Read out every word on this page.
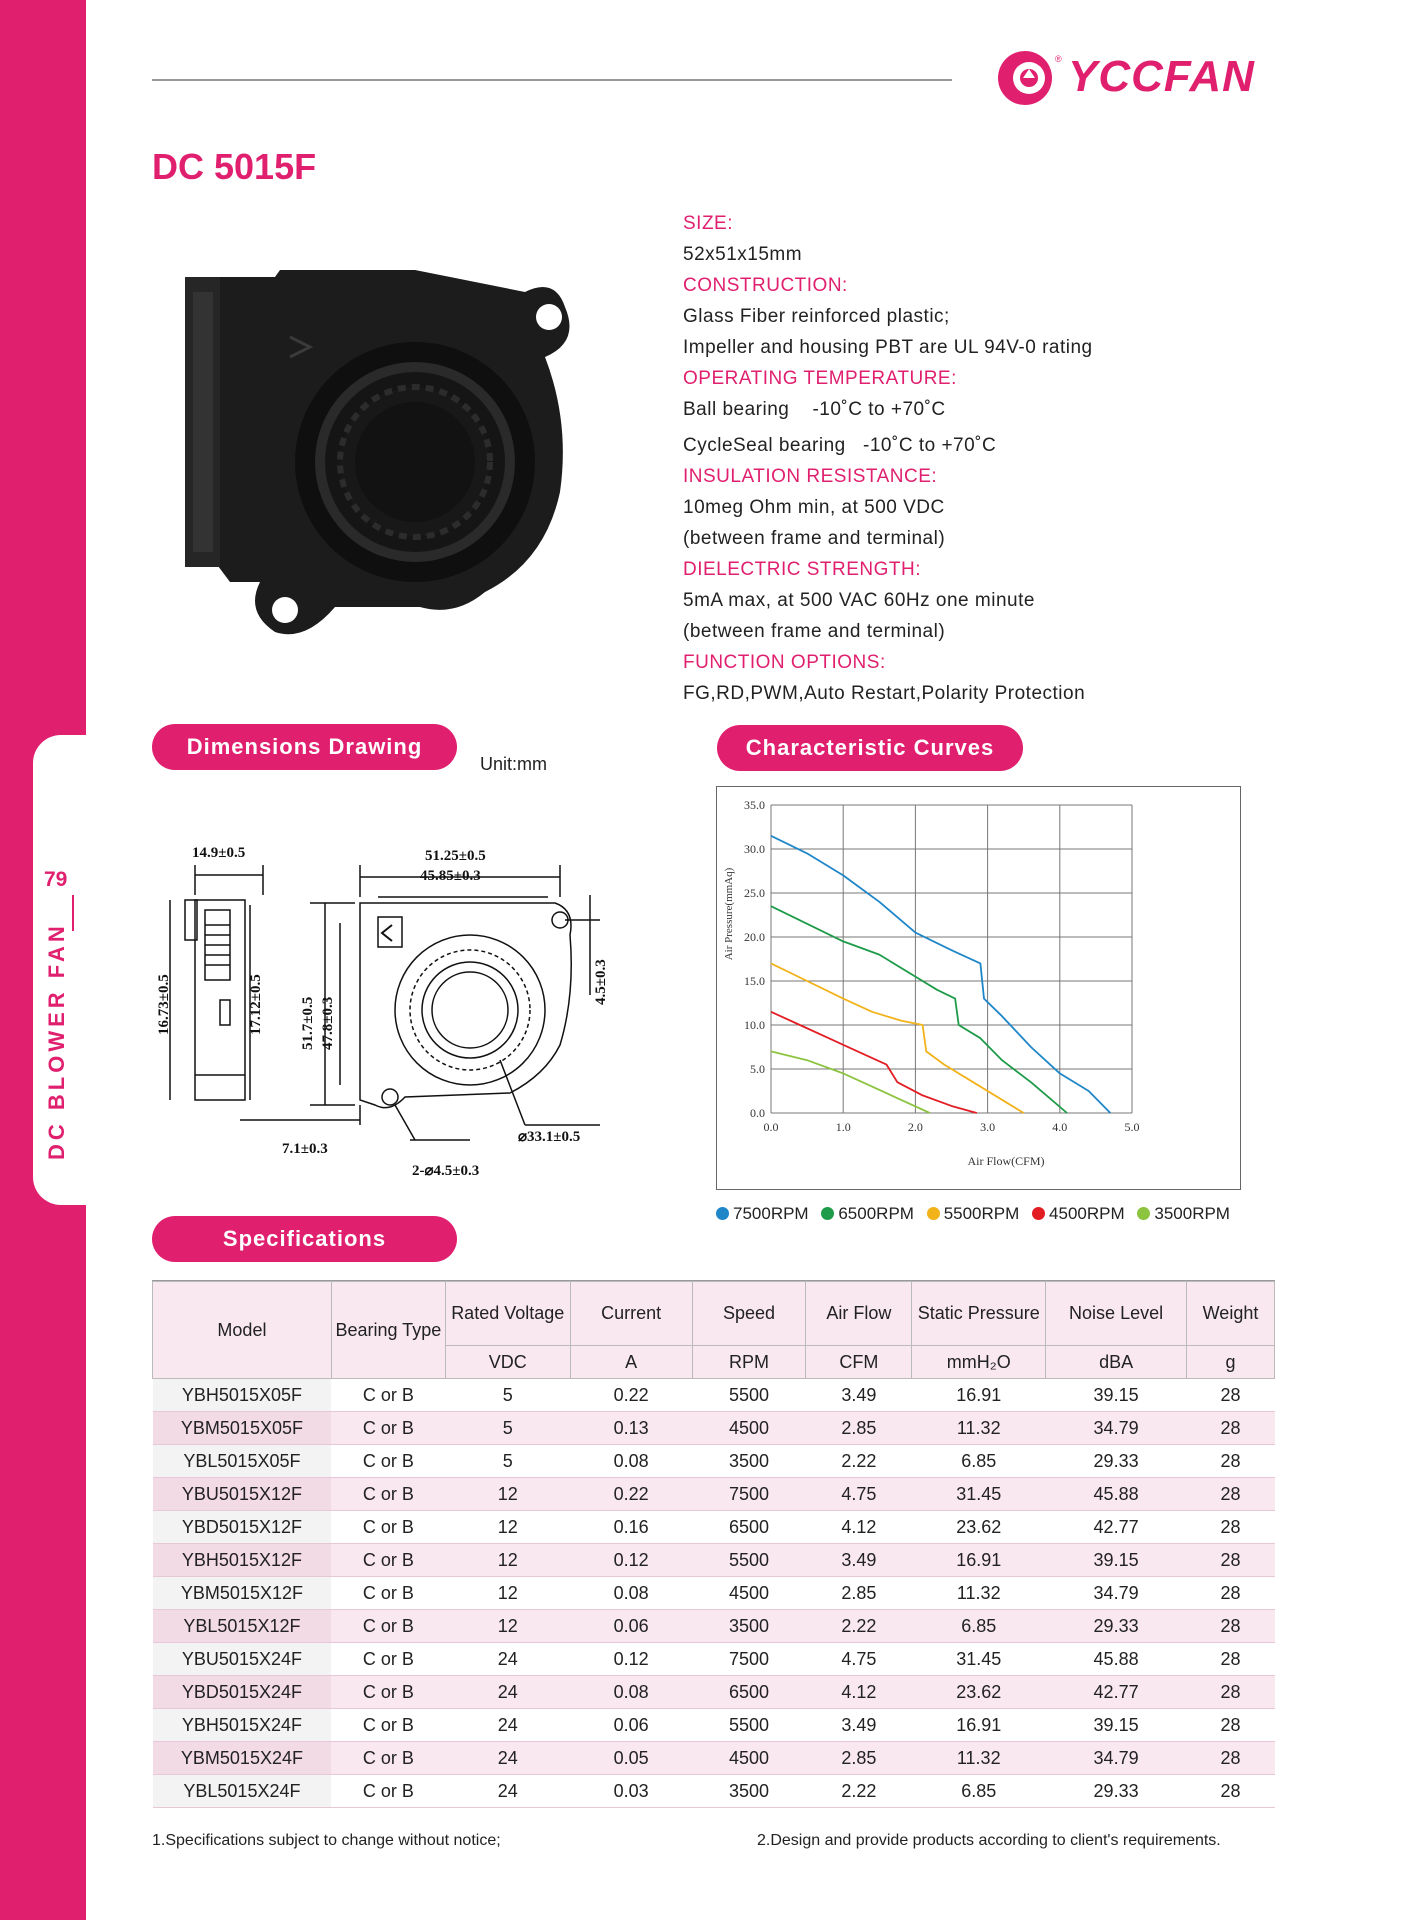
79
DC BLOWER FAN
® YCCFAN
DC 5015F
SIZE:
52x51x15mm
CONSTRUCTION:
Glass Fiber reinforced plastic;
Impeller and housing PBT are UL 94V-0 rating
OPERATING TEMPERATURE:
Ball bearing    -10˚C to +70˚C
CycleSeal bearing   -10˚C to +70˚C
INSULATION RESISTANCE:
10meg Ohm min, at 500 VDC
(between frame and terminal)
DIELECTRIC STRENGTH:
5mA max, at 500 VAC 60Hz one minute
(between frame and terminal)
FUNCTION OPTIONS:
FG,RD,PWM,Auto Restart,Polarity Protection
Dimensions Drawing
Unit:mm
Characteristic Curves
Specifications
14.9±0.5
16.73±0.5	17.12±0.5
51.25±0.5
45.85±0.3
51.7±0.5 47.8±0.3
4.5±0.3
7.1±0.3
2-⌀4.5±0.3
⌀33.1±0.5
0.0	1.0	2.0	3.0	4.0	5.0
0.0
5.0
10.0
15.0
20.0
25.0
30.0
35.0
Air Flow(CFM)
Air Pressure(mmAq)
7500RPM 6500RPM 5500RPM 4500RPM 3500RPM
Model	Bearing Type	Rated Voltage	Current	Speed	Air Flow	Static Pressure	Noise Level	Weight
		VDC	A	RPM	CFM	mmH₂O	dBA	g
YBH5015X05F	C or B	5	0.22	5500	3.49	16.91	39.15	28
YBM5015X05F	C or B	5	0.13	4500	2.85	11.32	34.79	28
YBL5015X05F	C or B	5	0.08	3500	2.22	6.85	29.33	28
YBU5015X12F	C or B	12	0.22	7500	4.75	31.45	45.88	28
YBD5015X12F	C or B	12	0.16	6500	4.12	23.62	42.77	28
YBH5015X12F	C or B	12	0.12	5500	3.49	16.91	39.15	28
YBM5015X12F	C or B	12	0.08	4500	2.85	11.32	34.79	28
YBL5015X12F	C or B	12	0.06	3500	2.22	6.85	29.33	28
YBU5015X24F	C or B	24	0.12	7500	4.75	31.45	45.88	28
YBD5015X24F	C or B	24	0.08	6500	4.12	23.62	42.77	28
YBH5015X24F	C or B	24	0.06	5500	3.49	16.91	39.15	28
YBM5015X24F	C or B	24	0.05	4500	2.85	11.32	34.79	28
YBL5015X24F	C or B	24	0.03	3500	2.22	6.85	29.33	28
1.Specifications subject to change without notice;	2.Design and provide products according to client's requirements.
